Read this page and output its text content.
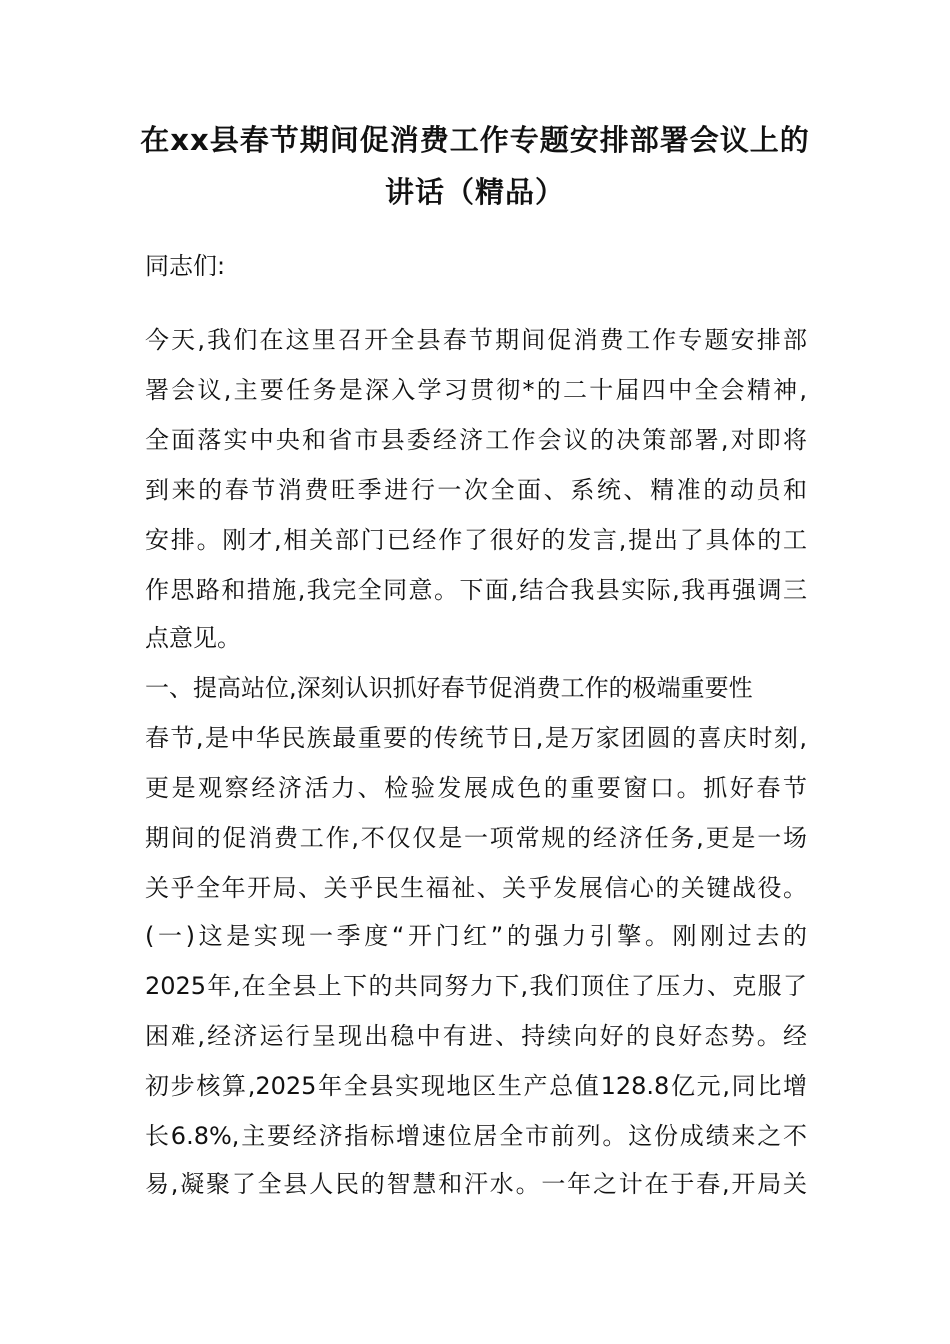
在xx县春节期间促消费工作专题安排部署会议上的
讲话（精品）
同志们:
今天,我们在这里召开全县春节期间促消费工作专题安排部
署会议,主要任务是深入学习贯彻*的二十届四中全会精神,
全面落实中央和省市县委经济工作会议的决策部署,对即将
到来的春节消费旺季进行一次全面、系统、精准的动员和
安排。刚才,相关部门已经作了很好的发言,提出了具体的工
作思路和措施,我完全同意。下面,结合我县实际,我再强调三
点意见。
一、提高站位,深刻认识抓好春节促消费工作的极端重要性
春节,是中华民族最重要的传统节日,是万家团圆的喜庆时刻,
更是观察经济活力、检验发展成色的重要窗口。抓好春节
期间的促消费工作,不仅仅是一项常规的经济任务,更是一场
关乎全年开局、关乎民生福祉、关乎发展信心的关键战役。
(一)这是实现一季度“开门红”的强力引擎。刚刚过去的
2025年,在全县上下的共同努力下,我们顶住了压力、克服了
困难,经济运行呈现出稳中有进、持续向好的良好态势。经
初步核算,2025年全县实现地区生产总值128.8亿元,同比增
长6.8%,主要经济指标增速位居全市前列。这份成绩来之不
易,凝聚了全县人民的智慧和汗水。一年之计在于春,开局关
